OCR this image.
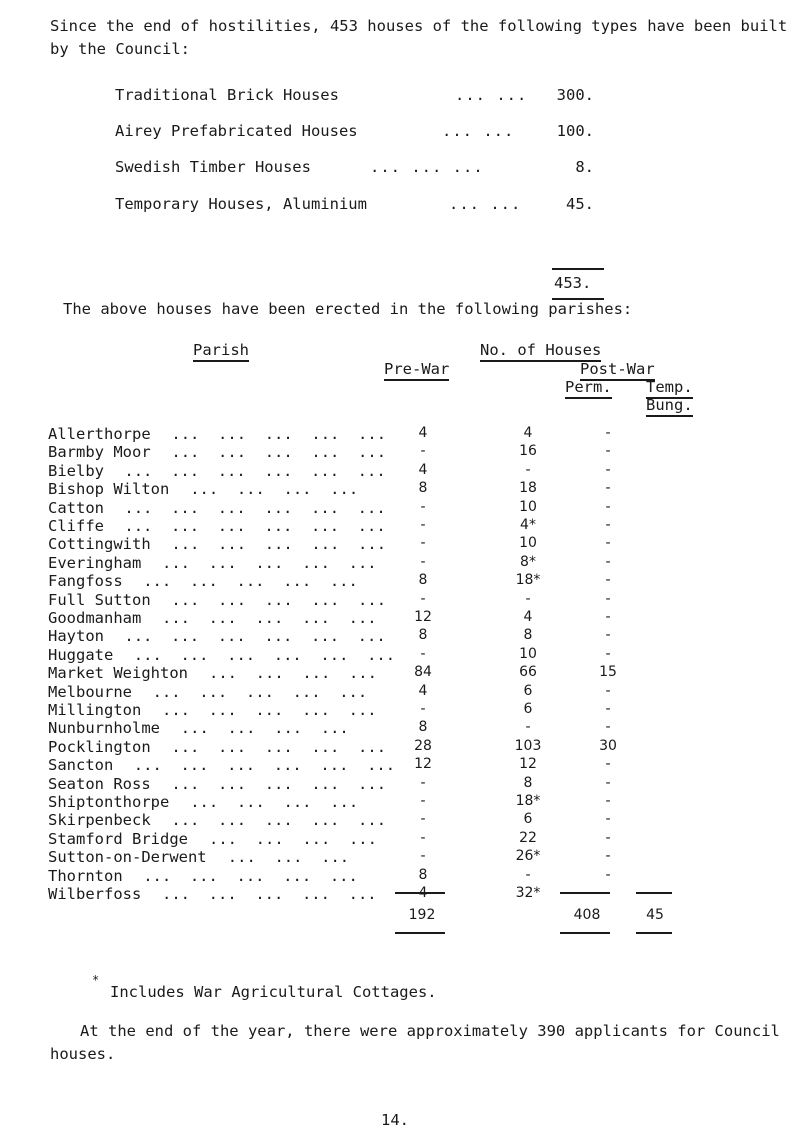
Since the end of hostilities, 453 houses of the following types have been built by the Council:
Traditional Brick Houses	... ...	300.
Airey Prefabricated Houses	... ...	100.
Swedish Timber Houses	... ... ...	8.
Temporary Houses, Aluminium	... ...	45.
453.
The above houses have been erected in the following parishes:
Parish	No. of Houses
Pre-War	Post-War
Perm. Temp.
Bung.
Allerthorpe ...  ...  ...  ...  ...	4	4	-
Barmby Moor ...  ...  ...  ...  ...	-	16	-
Bielby ...  ...  ...  ...  ...  ...	4	-	-
Bishop Wilton ...  ...  ...  ...	8	18	-
Catton ...  ...  ...  ...  ...  ...	-	10	-
Cliffe ...  ...  ...  ...  ...  ...	-	4*	-
Cottingwith ...  ...  ...  ...  ...	-	10	-
Everingham ...  ...  ...  ...  ...	-	8*	-
Fangfoss ...  ...  ...  ...  ...	8	18*	-
Full Sutton ...  ...  ...  ...  ...	-	-	-
Goodmanham ...  ...  ...  ...  ...	12	4	-
Hayton ...  ...  ...  ...  ...  ...	8	8	-
Huggate ...  ...  ...  ...  ...  ...	-	10	-
Market Weighton ...  ...  ...  ...	84	66	15
Melbourne ...  ...  ...  ...  ...	4	6	-
Millington ...  ...  ...  ...  ...	-	6	-
Nunburnholme ...  ...  ...  ...	8	-	-
Pocklington ...  ...  ...  ...  ...	28	103	30
Sancton ...  ...  ...  ...  ...  ...	12	12	-
Seaton Ross ...  ...  ...  ...  ...	-	8	-
Shiptonthorpe ...  ...  ...  ...	-	18*	-
Skirpenbeck ...  ...  ...  ...  ...	-	6	-
Stamford Bridge ...  ...  ...  ...	-	22	-
Sutton-on-Derwent ...  ...  ...	-	26*	-
Thornton ...  ...  ...  ...  ...	8	-	-
Wilberfoss ...  ...  ...  ...  ...	4	32*	-
192	408	45
*
Includes War Agricultural Cottages.
At the end of the year, there were approximately 390 applicants for Council houses.
14.
